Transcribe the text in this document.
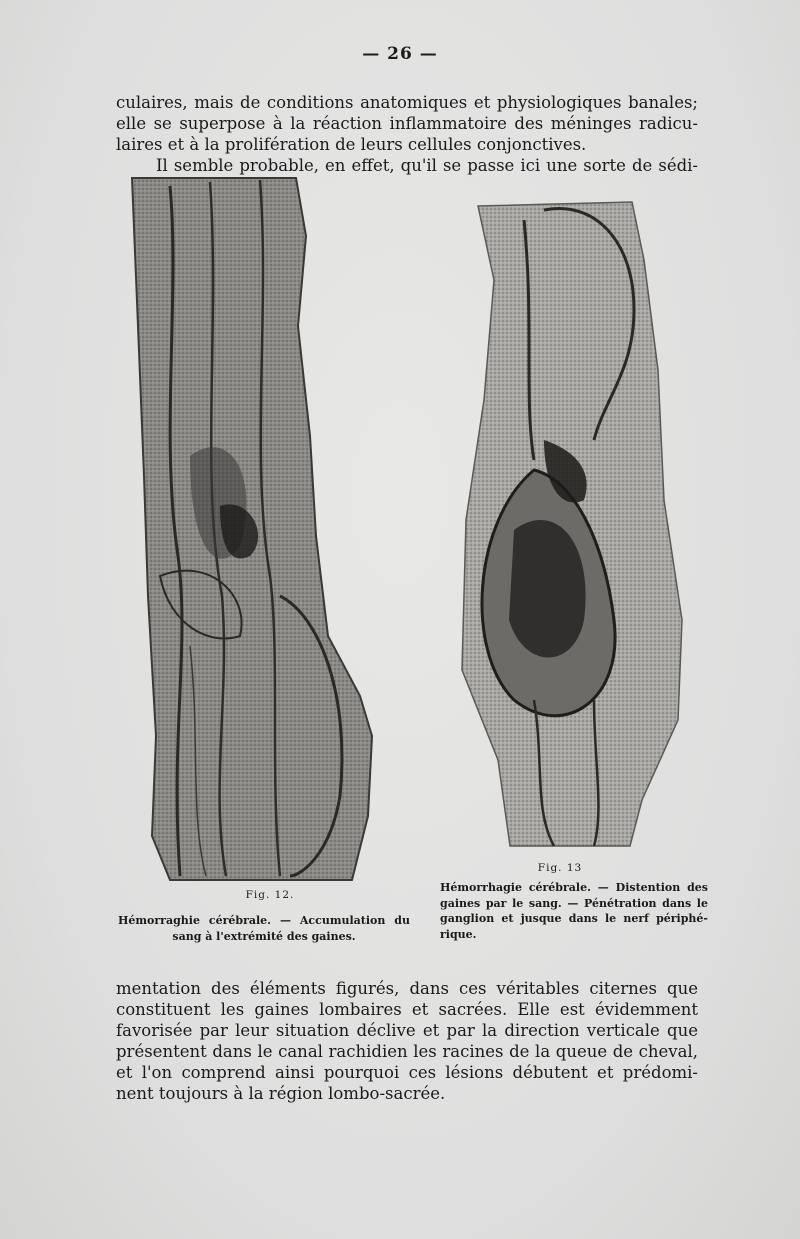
— 26 —
culaires, mais de conditions anatomiques et physiologiques banales;
elle se superpose à la réaction inflammatoire des méninges radicu-
laires et à la prolifération de leurs cellules conjonctives.
Il semble probable, en effet, qu'il se passe ici une sorte de sédi-
Fig. 12.
Fig. 13
Hémorraghie cérébrale. — Accumulation du
sang à l'extrémité des gaines.
Hémorrhagie cérébrale. — Distention des
gaines par le sang. — Pénétration dans le
ganglion et jusque dans le nerf périphé-
rique.
mentation des éléments figurés, dans ces véritables citernes que
constituent les gaines lombaires et sacrées. Elle est évidemment
favorisée par leur situation déclive et par la direction verticale que
présentent dans le canal rachidien les racines de la queue de cheval,
et l'on comprend ainsi pourquoi ces lésions débutent et prédomi-
nent toujours à la région lombo-sacrée.
